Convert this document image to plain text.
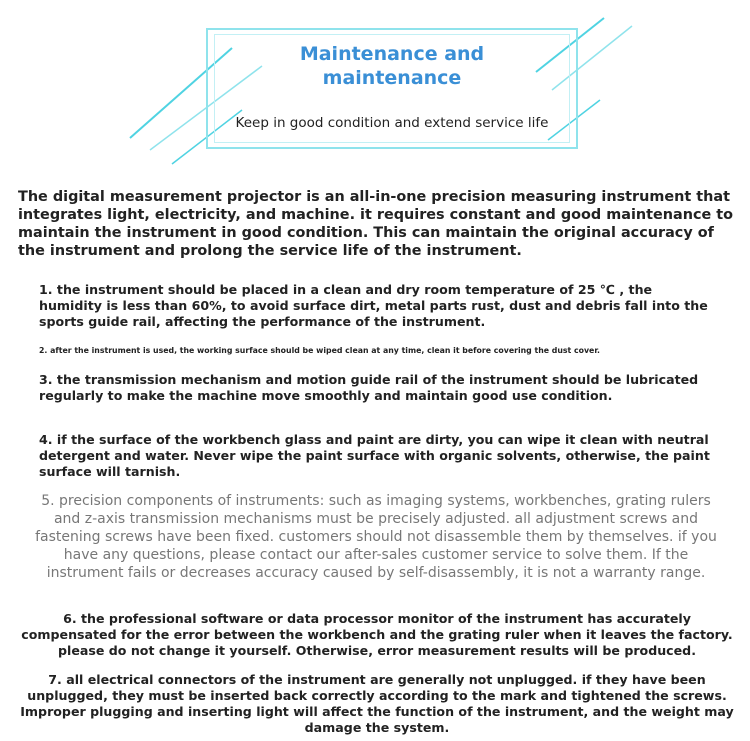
Maintenance and
maintenance
Keep in good condition and extend service life

The digital measurement projector is an all-in-one precision measuring instrument that integrates light, electricity, and machine. it requires constant and good maintenance to maintain the instrument in good condition. This can maintain the original accuracy of the instrument and prolong the service life of the instrument.

1. the instrument should be placed in a clean and dry room temperature of 25 ℃ , the humidity is less than 60%, to avoid surface dirt, metal parts rust, dust and debris fall into the sports guide rail, affecting the performance of the instrument.

2. after the instrument is used, the working surface should be wiped clean at any time, clean it before covering the dust cover.

3. the transmission mechanism and motion guide rail of the instrument should be lubricated regularly to make the machine move smoothly and maintain good use condition.

4. if the surface of the workbench glass and paint are dirty, you can wipe it clean with neutral detergent and water. Never wipe the paint surface with organic solvents, otherwise, the paint surface will tarnish.

5. precision components of instruments: such as imaging systems, workbenches, grating rulers and z-axis transmission mechanisms must be precisely adjusted. all adjustment screws and fastening screws have been fixed. customers should not disassemble them by themselves. if you have any questions, please contact our after-sales customer service to solve them. If the instrument fails or decreases accuracy caused by self-disassembly, it is not a warranty range.

6. the professional software or data processor monitor of the instrument has accurately compensated for the error between the workbench and the grating ruler when it leaves the factory. please do not change it yourself. Otherwise, error measurement results will be produced.

7. all electrical connectors of the instrument are generally not unplugged. if they have been unplugged, they must be inserted back correctly according to the mark and tightened the screws. Improper plugging and inserting light will affect the function of the instrument, and the weight may damage the system.
